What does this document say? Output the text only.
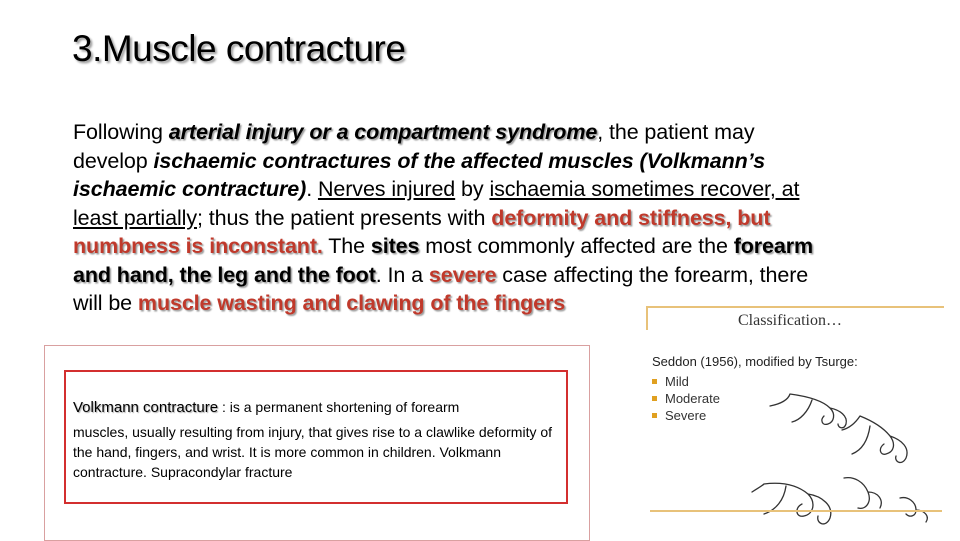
3.Muscle contracture
Following arterial injury or a compartment syndrome, the patient may
develop ischaemic contractures of the affected muscles (Volkmann’s
ischaemic contracture). Nerves injured by ischaemia sometimes recover, at
least partially; thus the patient presents with deformity and stiffness, but
numbness is inconstant. The sites most commonly affected are the forearm
and hand, the leg and the foot. In a severe case affecting the forearm, there
will be muscle wasting and clawing of the fingers
Volkmann contracture : is a permanent shortening of forearm
muscles, usually resulting from injury, that gives rise to a clawlike deformity of the hand, fingers, and wrist. It is more common in children. Volkmann contracture. Supracondylar fracture
Classification…
Seddon (1956), modified by Tsurge:
Mild
Moderate
Severe
